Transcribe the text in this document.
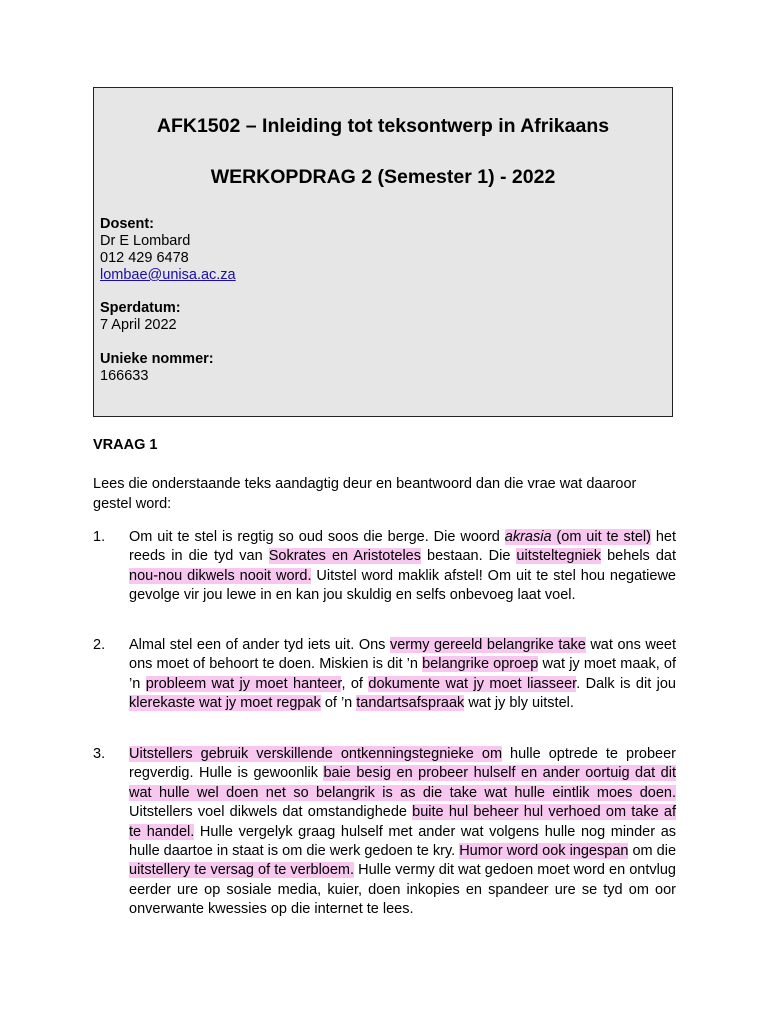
AFK1502 – Inleiding tot teksontwerp in Afrikaans
WERKOPDRAG 2 (Semester 1) - 2022
Dosent:
Dr E Lombard
012 429 6478
lombae@unisa.ac.za
Sperdatum:
7 April 2022
Unieke nommer:
166633
VRAAG 1
Lees die onderstaande teks aandagtig deur en beantwoord dan die vrae wat daaroor gestel word:
1. Om uit te stel is regtig so oud soos die berge. Die woord akrasia (om uit te stel) het reeds in die tyd van Sokrates en Aristoteles bestaan. Die uitsteltegniek behels dat nou-nou dikwels nooit word. Uitstel word maklik afstel! Om uit te stel hou negatiewe gevolge vir jou lewe in en kan jou skuldig en selfs onbevoeg laat voel.
2. Almal stel een of ander tyd iets uit. Ons vermy gereeld belangrike take wat ons weet ons moet of behoort te doen. Miskien is dit ’n belangrike oproep wat jy moet maak, of ’n probleem wat jy moet hanteer, of dokumente wat jy moet liasseer. Dalk is dit jou klerekaste wat jy moet regpak of ’n tandartsafspraak wat jy bly uitstel.
3. Uitstellers gebruik verskillende ontkenningstegnieke om hulle optrede te probeer regverdig. Hulle is gewoonlik baie besig en probeer hulself en ander oortuig dat dit wat hulle wel doen net so belangrik is as die take wat hulle eintlik moes doen. Uitstellers voel dikwels dat omstandighede buite hul beheer hul verhoed om take af te handel. Hulle vergelyk graag hulself met ander wat volgens hulle nog minder as hulle daartoe in staat is om die werk gedoen te kry. Humor word ook ingespan om die uitstellery te versag of te verbloem. Hulle vermy dit wat gedoen moet word en ontvlug eerder ure op sosiale media, kuier, doen inkopies en spandeer ure se tyd om oor onverwante kwessies op die internet te lees.
